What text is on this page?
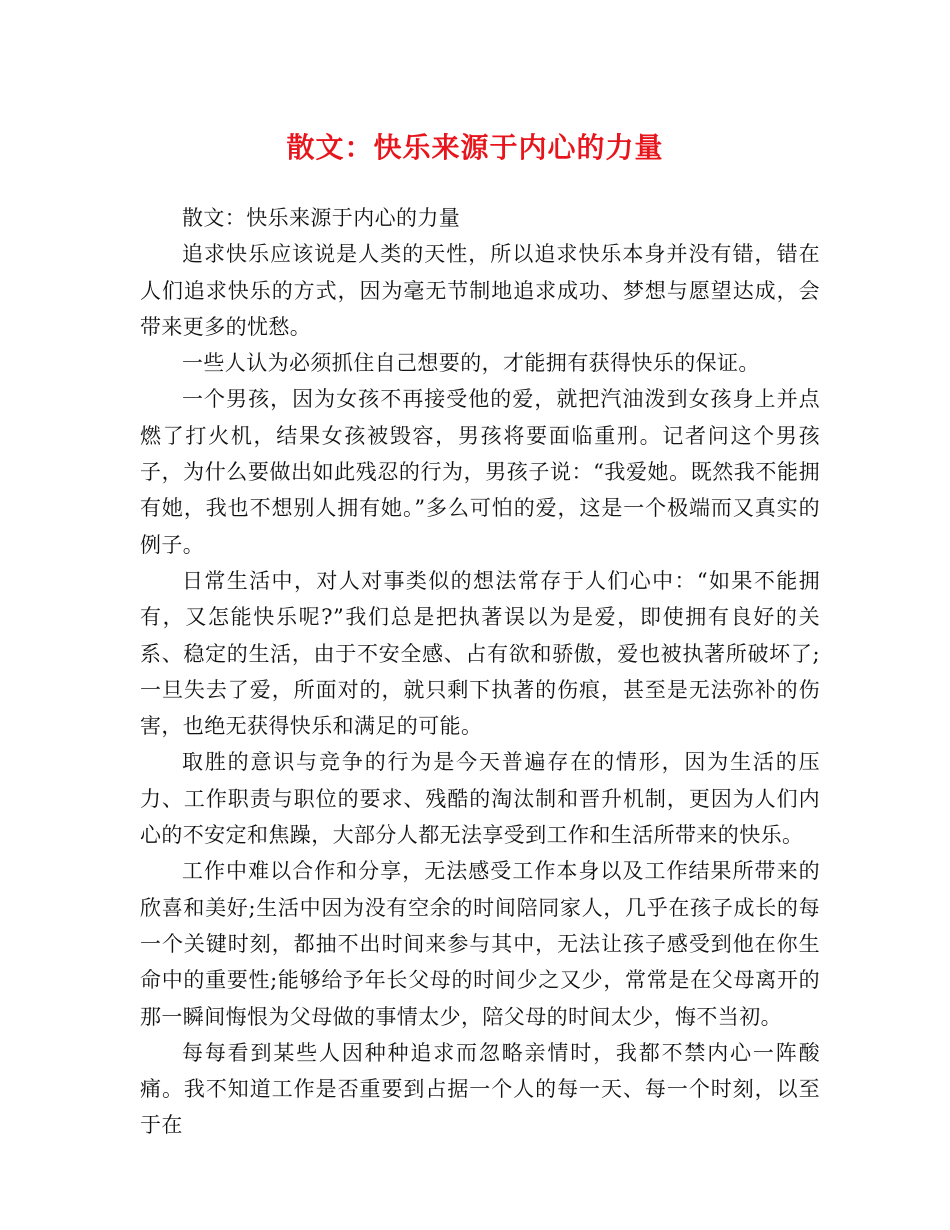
散文：快乐来源于内心的力量

散文：快乐来源于内心的力量

追求快乐应该说是人类的天性，所以追求快乐本身并没有错，错在人们追求快乐的方式，因为毫无节制地追求成功、梦想与愿望达成，会带来更多的忧愁。

一些人认为必须抓住自己想要的，才能拥有获得快乐的保证。

一个男孩，因为女孩不再接受他的爱，就把汽油泼到女孩身上并点燃了打火机，结果女孩被毁容，男孩将要面临重刑。记者问这个男孩子，为什么要做出如此残忍的行为，男孩子说：“我爱她。既然我不能拥有她，我也不想别人拥有她。”多么可怕的爱，这是一个极端而又真实的例子。

日常生活中，对人对事类似的想法常存于人们心中：“如果不能拥有，又怎能快乐呢?”我们总是把执著误以为是爱，即使拥有良好的关系、稳定的生活，由于不安全感、占有欲和骄傲，爱也被执著所破坏了;一旦失去了爱，所面对的，就只剩下执著的伤痕，甚至是无法弥补的伤害，也绝无获得快乐和满足的可能。

取胜的意识与竞争的行为是今天普遍存在的情形，因为生活的压力、工作职责与职位的要求、残酷的淘汰制和晋升机制，更因为人们内心的不安定和焦躁，大部分人都无法享受到工作和生活所带来的快乐。

工作中难以合作和分享，无法感受工作本身以及工作结果所带来的欣喜和美好;生活中因为没有空余的时间陪同家人，几乎在孩子成长的每一个关键时刻，都抽不出时间来参与其中，无法让孩子感受到他在你生命中的重要性;能够给予年长父母的时间少之又少，常常是在父母离开的那一瞬间悔恨为父母做的事情太少，陪父母的时间太少，悔不当初。

每每看到某些人因种种追求而忽略亲情时，我都不禁内心一阵酸痛。我不知道工作是否重要到占据一个人的每一天、每一个时刻，以至于在
